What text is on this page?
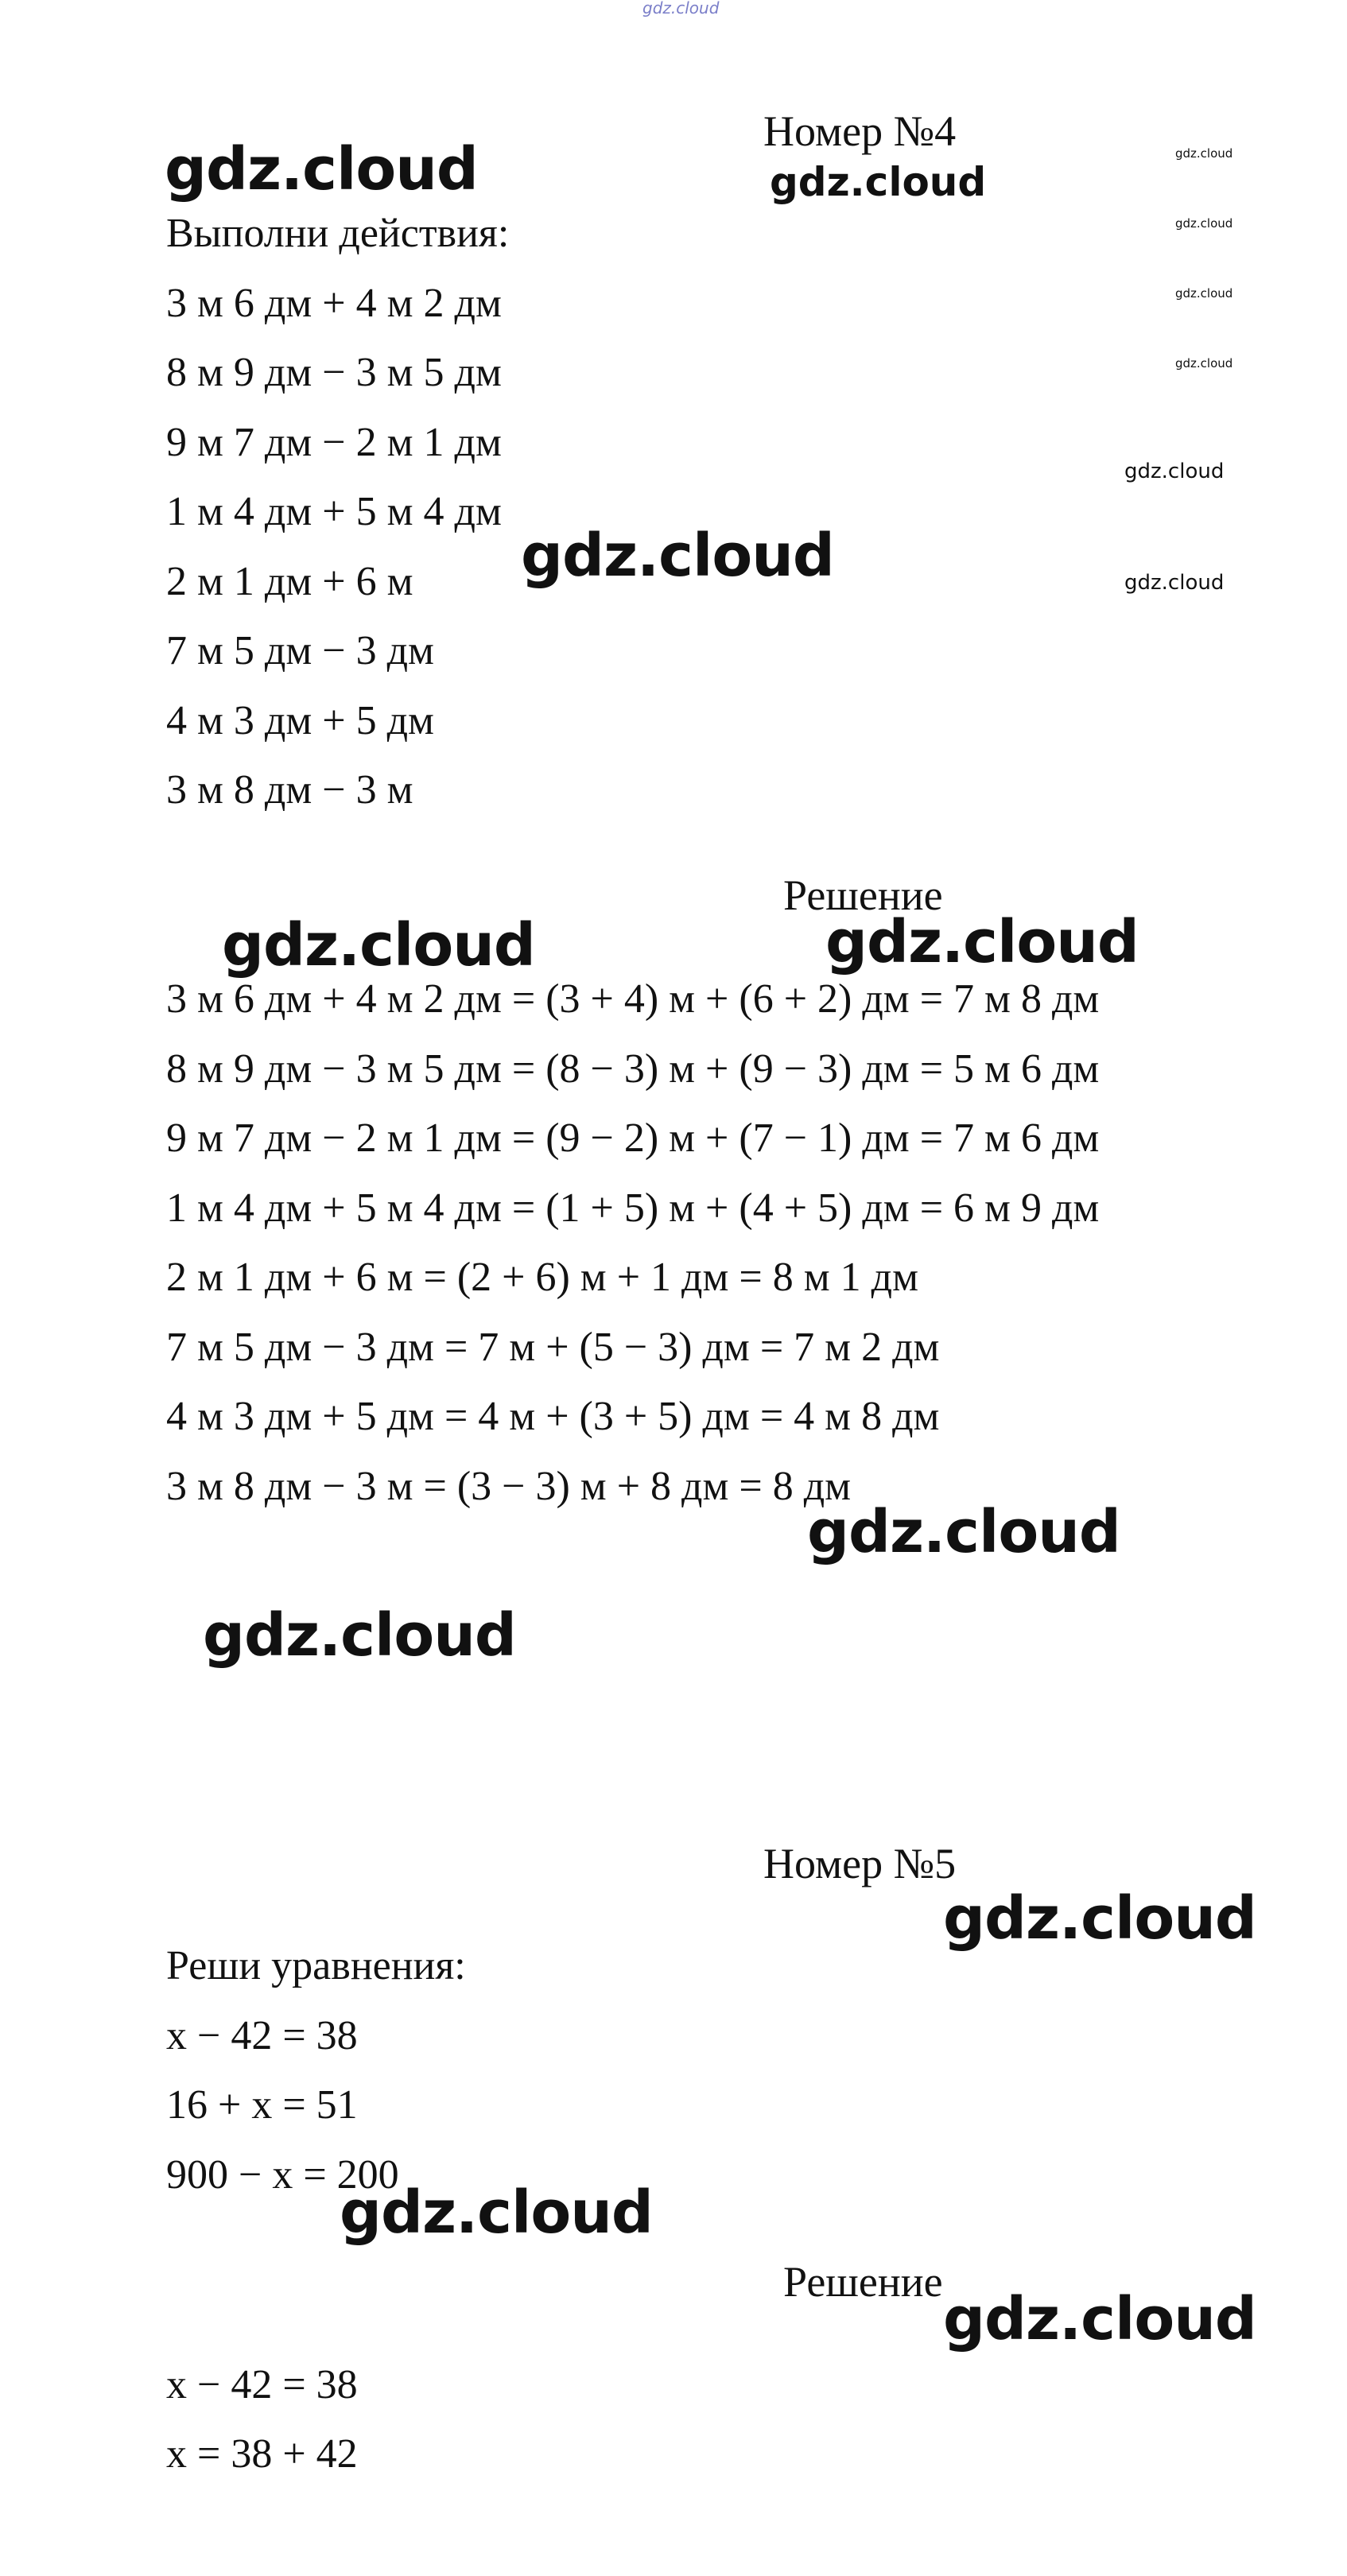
gdz.cloud
gdz.cloud	gdz.cloud
gdz.cloud
gdz.cloud
gdz.cloud
gdz.cloud
gdz.cloud
gdz.cloud
gdz.cloud
gdz.cloud	gdz.cloud
gdz.cloud
gdz.cloud
gdz.cloud
gdz.cloud
gdz.cloud
Номер №4
Выполни действия:
3 м 6 дм + 4 м 2 дм
8 м 9 дм − 3 м 5 дм
9 м 7 дм − 2 м 1 дм
1 м 4 дм + 5 м 4 дм
2 м 1 дм + 6 м
7 м 5 дм − 3 дм
4 м 3 дм + 5 дм
3 м 8 дм − 3 м
Решение
3 м 6 дм + 4 м 2 дм = (3 + 4) м + (6 + 2) дм = 7 м 8 дм
8 м 9 дм − 3 м 5 дм = (8 − 3) м + (9 − 3) дм = 5 м 6 дм
9 м 7 дм − 2 м 1 дм = (9 − 2) м + (7 − 1) дм = 7 м 6 дм
1 м 4 дм + 5 м 4 дм = (1 + 5) м + (4 + 5) дм = 6 м 9 дм
2 м 1 дм + 6 м = (2 + 6) м + 1 дм = 8 м 1 дм
7 м 5 дм − 3 дм = 7 м + (5 − 3) дм = 7 м 2 дм
4 м 3 дм + 5 дм = 4 м + (3 + 5) дм = 4 м 8 дм
3 м 8 дм − 3 м = (3 − 3) м + 8 дм = 8 дм
Номер №5
Реши уравнения:
x − 42 = 38
16 + x = 51
900 − x = 200
Решение
x − 42 = 38
x = 38 + 42
